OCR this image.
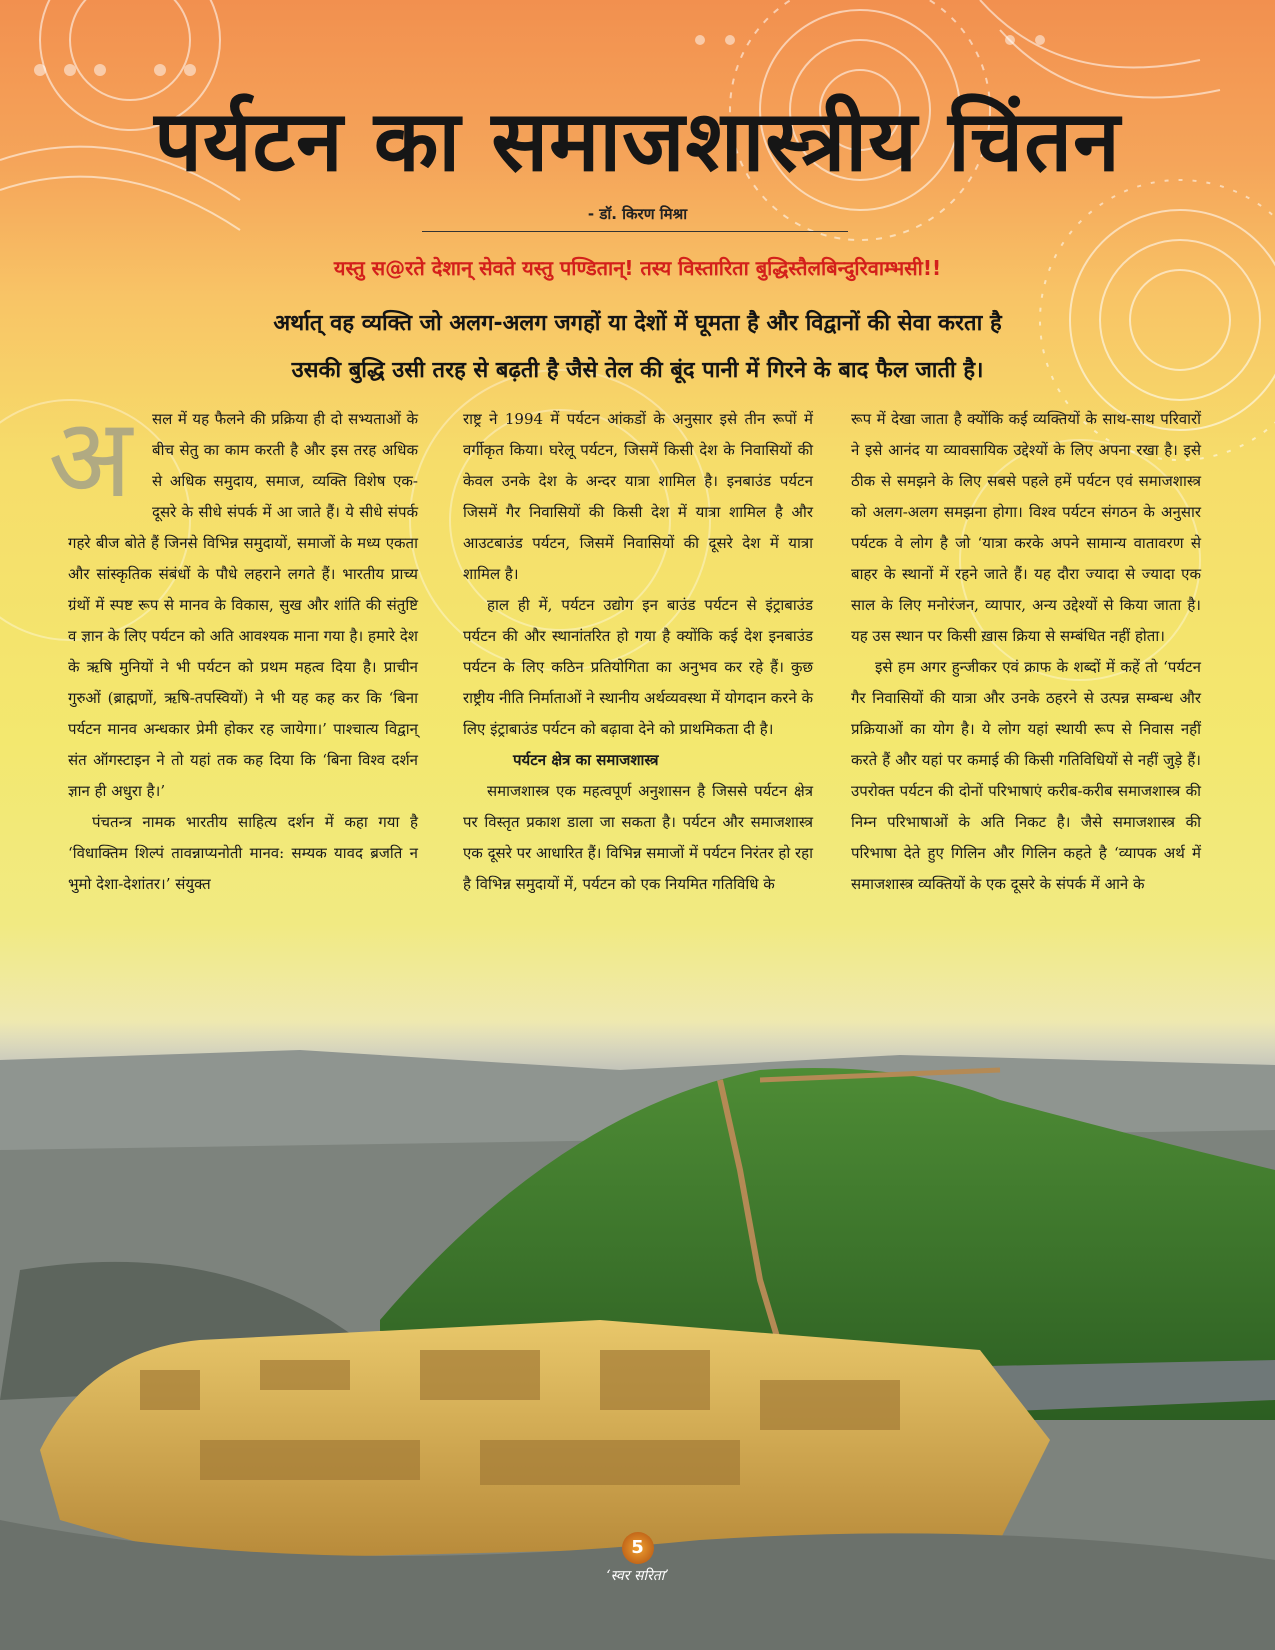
पर्यटन का समाजशास्त्रीय चिंतन
- डॉ. किरण मिश्रा
यस्तु स@रते देशान् सेवते यस्तु पण्डितान्! तस्य विस्तारिता बुद्धिस्तैलबिन्दुरिवाम्भसी!!
अर्थात् वह व्यक्ति जो अलग-अलग जगहों या देशों में घूमता है और विद्वानों की सेवा करता है
उसकी बुद्धि उसी तरह से बढ़ती है जैसे तेल की बूंद पानी में गिरने के बाद फैल जाती है।
अ	सल में यह फैलने की प्रक्रिया ही दो सभ्यताओं के बीच सेतु का काम करती है और इस तरह अधिक से अधिक समुदाय, समाज, व्यक्ति विशेष एक-दूसरे के सीधे संपर्क में आ जाते हैं। ये सीधे संपर्क गहरे बीज बोते हैं जिनसे विभिन्न समुदायों, समाजों के मध्य एकता और सांस्कृतिक संबंधों के पौधे लहराने लगते हैं। भारतीय प्राच्य ग्रंथों में स्पष्ट रूप से मानव के विकास, सुख और शांति की संतुष्टि व ज्ञान के लिए पर्यटन को अति आवश्यक माना गया है। हमारे देश के ऋषि मुनियों ने भी पर्यटन को प्रथम महत्व दिया है। प्राचीन गुरुओं (ब्राह्मणों, ऋषि-तपस्वियों) ने भी यह कह कर कि ‘बिना पर्यटन मानव अन्धकार प्रेमी होकर रह जायेगा।’ पाश्चात्य विद्वान् संत ऑगस्टाइन ने तो यहां तक कह दिया कि ‘बिना विश्व दर्शन ज्ञान ही अधुरा है।’

पंचतन्त्र नामक भारतीय साहित्य दर्शन में कहा गया है ‘विधाक्तिम शिल्पं तावन्नाप्यनोती मानव: सम्यक यावद ब्रजति न भुमो देशा-देशांतर।’ संयुक्त

राष्ट्र ने 1994 में पर्यटन आंकडों के अनुसार इसे तीन रूपों में वर्गीकृत किया। घरेलू पर्यटन, जिसमें किसी देश के निवासियों की केवल उनके देश के अन्दर यात्रा शामिल है। इनबाउंड पर्यटन जिसमें गैर निवासियों की किसी देश में यात्रा शामिल है और आउटबाउंड पर्यटन, जिसमें निवासियों की दूसरे देश में यात्रा शामिल है।

हाल ही में, पर्यटन उद्योग इन बाउंड पर्यटन से इंट्राबाउंड पर्यटन की और स्थानांतरित हो गया है क्योंकि कई देश इनबाउंड पर्यटन के लिए कठिन प्रतियोगिता का अनुभव कर रहे हैं। कुछ राष्ट्रीय नीति निर्माताओं ने स्थानीय अर्थव्यवस्था में योगदान करने के लिए इंट्राबाउंड पर्यटन को बढ़ावा देने को प्राथमिकता दी है।

पर्यटन क्षेत्र का समाजशास्त्र

समाजशास्त्र एक महत्वपूर्ण अनुशासन है जिससे पर्यटन क्षेत्र पर विस्तृत प्रकाश डाला जा सकता है। पर्यटन और समाजशास्त्र एक दूसरे पर आधारित हैं। विभिन्न समाजों में पर्यटन निरंतर हो रहा है विभिन्न समुदायों में, पर्यटन को एक नियमित गतिविधि के

रूप में देखा जाता है क्योंकि कई व्यक्तियों के साथ-साथ परिवारों ने इसे आनंद या व्यावसायिक उद्देश्यों के लिए अपना रखा है। इसे ठीक से समझने के लिए सबसे पहले हमें पर्यटन एवं समाजशास्त्र को अलग-अलग समझना होगा। विश्व पर्यटन संगठन के अनुसार पर्यटक वे लोग है जो ‘यात्रा करके अपने सामान्य वातावरण से बाहर के स्थानों में रहने जाते हैं। यह दौरा ज्यादा से ज्यादा एक साल के लिए मनोरंजन, व्यापार, अन्य उद्देश्यों से किया जाता है। यह उस स्थान पर किसी ख़ास क्रिया से सम्बंधित नहीं होता।

इसे हम अगर हुन्जीकर एवं क्राफ के शब्दों में कहें तो ‘पर्यटन गैर निवासियों की यात्रा और उनके ठहरने से उत्पन्न सम्बन्ध और प्रक्रियाओं का योग है। ये लोग यहां स्थायी रूप से निवास नहीं करते हैं और यहां पर कमाई की किसी गतिविधियों से नहीं जुड़े हैं। उपरोक्त पर्यटन की दोनों परिभाषाएं करीब-करीब समाजशास्त्र की निम्न परिभाषाओं के अति निकट है। जैसे समाजशास्त्र की परिभाषा देते हुए गिलिन और गिलिन कहते है ‘व्यापक अर्थ में समाजशास्त्र व्यक्तियों के एक दूसरे के संपर्क में आने के

5
‘स्वर सरिता’
